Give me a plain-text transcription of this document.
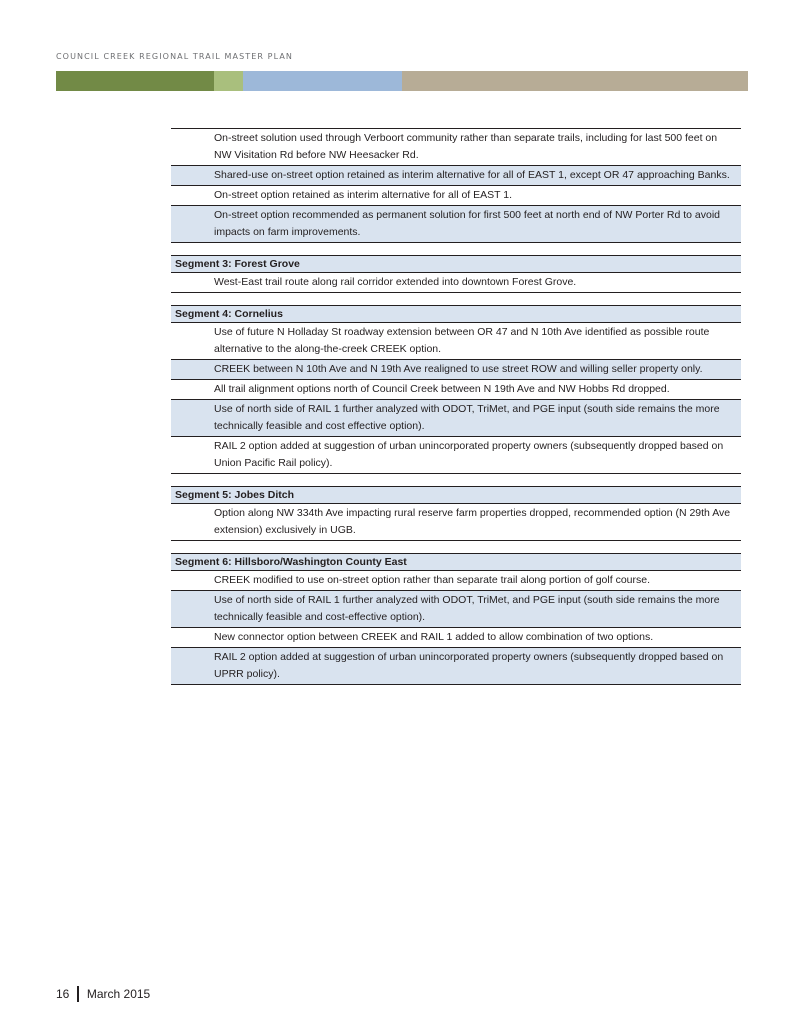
COUNCIL CREEK REGIONAL TRAIL MASTER PLAN
On-street solution used through Verboort community rather than separate trails, including for last 500 feet on NW Visitation Rd before NW Heesacker Rd.
Shared-use on-street option retained as interim alternative for all of EAST 1, except OR 47 approaching Banks.
On-street option retained as interim alternative for all of EAST 1.
On-street option recommended as permanent solution for first 500 feet at north end of NW Porter Rd to avoid impacts on farm improvements.
Segment 3: Forest Grove
West-East trail route along rail corridor extended into downtown Forest Grove.
Segment 4: Cornelius
Use of future N Holladay St roadway extension between OR 47 and N 10th Ave identified as possible route alternative to the along-the-creek CREEK option.
CREEK between N 10th Ave and N 19th Ave realigned to use street ROW and willing seller property only.
All trail alignment options north of Council Creek between N 19th Ave and NW Hobbs Rd dropped.
Use of north side of RAIL 1 further analyzed with ODOT, TriMet, and PGE input (south side remains the more technically feasible and cost effective option).
RAIL 2 option added at suggestion of urban unincorporated property owners (subsequently dropped based on Union Pacific Rail policy).
Segment 5: Jobes Ditch
Option along NW 334th Ave impacting rural reserve farm properties dropped, recommended option (N 29th Ave extension) exclusively in UGB.
Segment 6: Hillsboro/Washington County East
CREEK modified to use on-street option rather than separate trail along portion of golf course.
Use of north side of RAIL 1 further analyzed with ODOT, TriMet, and PGE input (south side remains the more technically feasible and cost-effective option).
New connector option between CREEK and RAIL 1 added to allow combination of two options.
RAIL 2 option added at suggestion of urban unincorporated property owners (subsequently dropped based on UPRR policy).
16 March 2015
